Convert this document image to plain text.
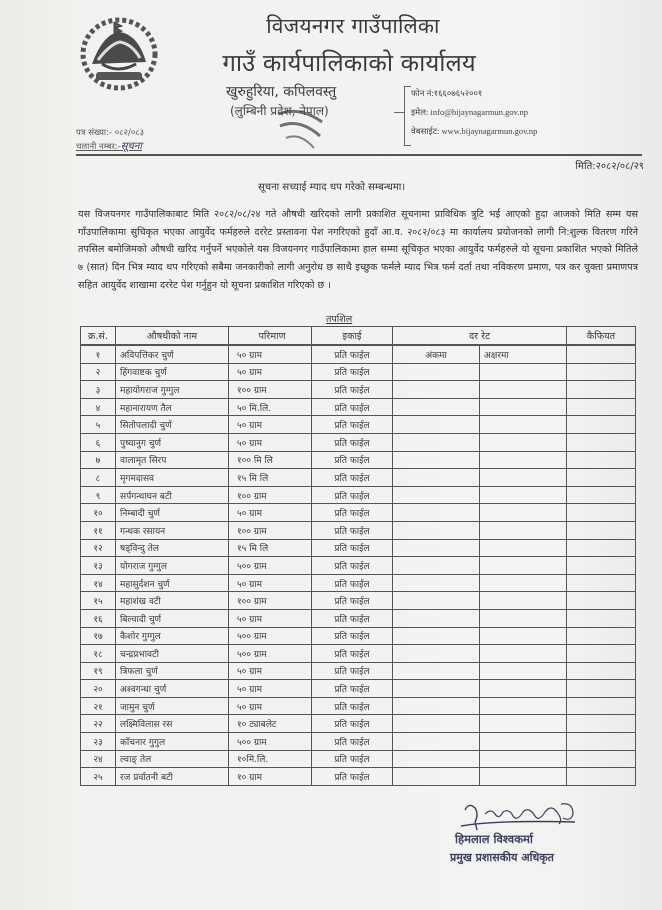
विजयनगर गाउँपालिका
गाउँ कार्यपालिकाको कार्यालय
खुरुहुरिया, कपिलवस्तु
(लुम्बिनी प्रदेश, नेपाल)
फोन नं:१६६०७६५२००१
इमेल: info@bijaynagarmun.gov.np
वेबसाईट: www.bijaynagarmun.gov.np
पत्र संख्या:- ०८२/०८३
चलानी नम्बर:-सूचना
मिति:२०८२/०८/२९
सूचना सच्याई म्याद थप गरेको सम्बन्धमा।
यस विजयनगर गाउँपालिकाबाट मिति २०८२/०८/२४ गते औषधी खरिदको लागी प्रकाशित सूचनामा प्राविधिक त्रुटि भई आएको हुदा आजको मिति सम्म यस गाँउपालिकामा सुचिकृत भएका आयुर्वेद फर्महरुले दररेट प्रस्तावना पेश नगरिएको हुदाँ आ.व. २०८२/०८३ मा कार्यालय प्रयोजनको लागी नि:शुल्क वितरण गरिने तपसिल बमोजिमको औषधी खरिद गर्नुपर्ने भएकोले यस विजयनगर गाउँपालिकामा हाल सम्मा सूचिकृत भएका आयुर्वेद फर्महरुले यो सूचना प्रकाशित भएको मितिले ७ (सात) दिन भित्र म्याद थप गरिएको सबैमा जनकारीको लागी अनुरोध छ साथै इच्छुक फर्मले म्याद भित्र फर्म दर्ता तथा नविकरण प्रमाण, पत्र कर चुक्ता प्रमाणपत्र सहित आयुर्वेद शाखामा दररेट पेश गर्नुहुन यो सूचना प्रकाशित गरिएको छ ।
तपशिल
क्र.सं.	औषधीको नाम	परिमाण	इकाई	दर रेट		कैफियत

१	अविपत्तिकर चुर्ण	५० ग्राम	प्रति फाईल	अंकमा	अक्षरमा	
२	हिंगवाष्टक चुर्ण	५० ग्राम	प्रति फाईल			
३	महायोगराज गुग्गुल	१०० ग्राम	प्रति फाईल			
४	महानारायण तैल	५० मि.लि.	प्रति फाईल			
५	सितोपलादी चुर्ण	५० ग्राम	प्रति फाईल			
६	पुष्यानुग चुर्ण	५० ग्राम	प्रति फाईल			
७	वालामृत सिरप	१०० मि लि	प्रति फाईल			
८	मृगमदासव	१५ मि लि	प्रति फाईल			
९	सर्पगन्धाघन बटी	१०० ग्राम	प्रति फाईल			
१०	निम्बादी चुर्ण	५० ग्राम	प्रति फाईल			
११	गन्धक रसायन	१०० ग्राम	प्रति फाईल			
१२	षड्विन्दु तेल	१५ मि लि	प्रति फाईल			
१३	योगराज गुग्गुल	५०० ग्राम	प्रति फाईल			
१४	महासुर्दशन चुर्ण	५० ग्राम	प्रति फाईल			
१५	महाशंख वटी	१०० ग्राम	प्रति फाईल			
१६	बिल्वादी चुर्ण	५० ग्राम	प्रति फाईल			
१७	कैशोर गुग्गुल	५०० ग्राम	प्रति फाईल			
१८	चन्द्रप्रभावटी	५०० ग्राम	प्रति फाईल			
१९	त्रिफला चुर्ण	५० ग्राम	प्रति फाईल			
२०	अश्वगन्धा चुर्ण	५० ग्राम	प्रति फाईल			
२१	जामुन चुर्ण	५० ग्राम	प्रति फाईल			
२२	लक्ष्मिविलास रस	१० ट्याबलेट	प्रति फाईल			
२३	काँचनार गुगुल	५०० ग्राम	प्रति फाईल			
२४	ल्वाङ् तेल	१०मि.लि.	प्रति फाईल			
२५	रज प्रर्वातनी बटी	१० ग्राम	प्रति फाईल			
हिमलाल विश्वकर्मा
प्रमुख प्रशासकीय अधिकृत
